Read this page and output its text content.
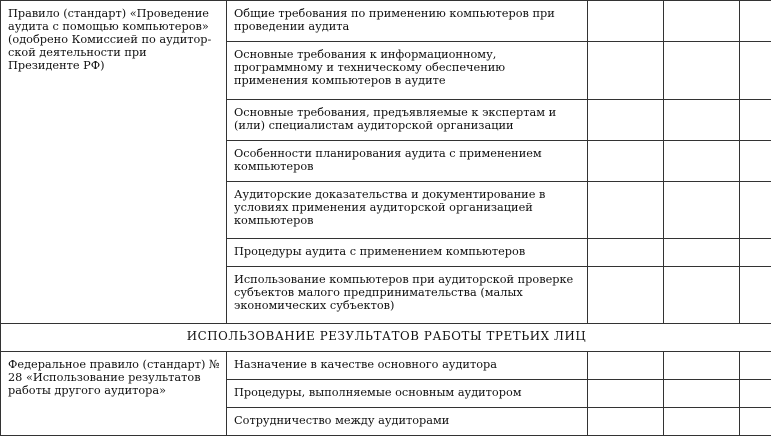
Правило (стандарт) «Проведение аудита с помощью компьютеров» (одобрено Комиссией по аудитор-ской деятельности при Президенте РФ)	Общие требования по применению компьютеров при проведении аудита			
	Основные требования к информационному, программному и техническому обеспечению применения компьютеров в аудите			
	Основные требования, предъявляемые к экспертам и (или) специалистам аудиторской организации			
	Особенности планирования аудита с применением компьютеров			
	Аудиторские доказательства и документирование в условиях применения аудиторской организацией компьютеров			
	Процедуры аудита с применением компьютеров			
	Использование компьютеров при аудиторской проверке субъектов малого предпринимательства (малых экономических субъектов)			
ИСПОЛЬЗОВАНИЕ РЕЗУЛЬТАТОВ РАБОТЫ ТРЕТЬИХ ЛИЦ				
Федеральное правило (стандарт) № 28 «Использование результатов работы другого аудитора»	Назначение в качестве основного аудитора			
	Процедуры, выполняемые основным аудитором			
	Сотрудничество между аудиторами			
